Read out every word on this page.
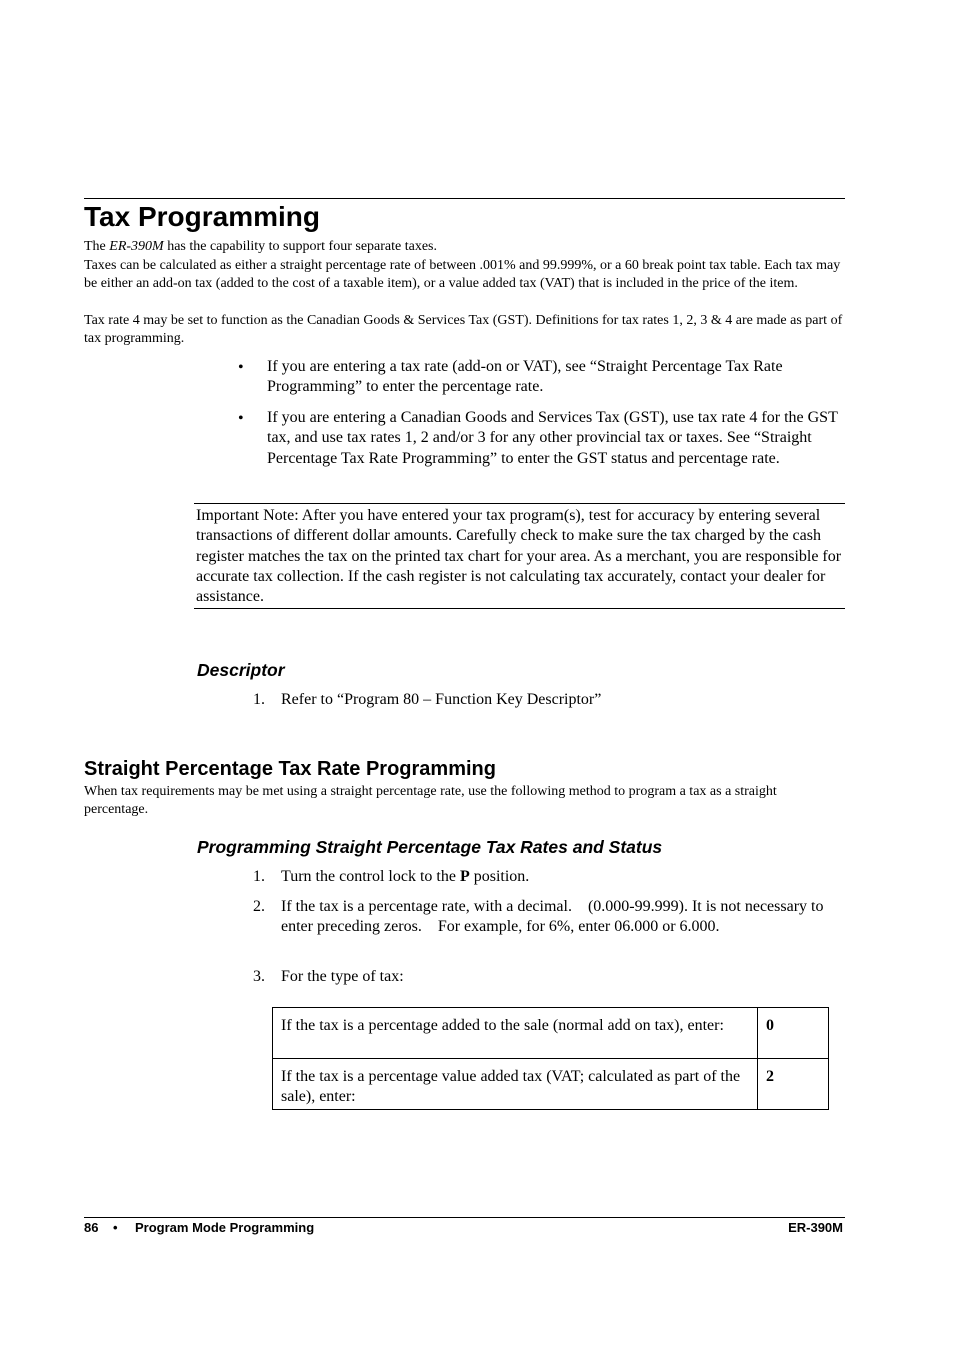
Tax Programming
The ER-390M has the capability to support four separate taxes.
Taxes can be calculated as either a straight percentage rate of between .001% and 99.999%, or a 60 break point tax table. Each tax may be either an add-on tax (added to the cost of a taxable item), or a value added tax (VAT) that is included in the price of the item.
Tax rate 4 may be set to function as the Canadian Goods & Services Tax (GST). Definitions for tax rates 1, 2, 3 & 4 are made as part of tax programming.
• If you are entering a tax rate (add-on or VAT), see “Straight Percentage Tax Rate Programming” to enter the percentage rate.
• If you are entering a Canadian Goods and Services Tax (GST), use tax rate 4 for the GST tax, and use tax rates 1, 2 and/or 3 for any other provincial tax or taxes. See “Straight Percentage Tax Rate Programming” to enter the GST status and percentage rate.
Important Note: After you have entered your tax program(s), test for accuracy by entering several transactions of different dollar amounts. Carefully check to make sure the tax charged by the cash register matches the tax on the printed tax chart for your area. As a merchant, you are responsible for accurate tax collection. If the cash register is not calculating tax accurately, contact your dealer for assistance.
Descriptor
1. Refer to “Program 80 – Function Key Descriptor”
Straight Percentage Tax Rate Programming
When tax requirements may be met using a straight percentage rate, use the following method to program a tax as a straight percentage.
Programming Straight Percentage Tax Rates and Status
1. Turn the control lock to the P position.
2. If the tax is a percentage rate, with a decimal.    (0.000-99.999). It is not necessary to enter preceding zeros.    For example, for 6%, enter 06.000 or 6.000.
3. For the type of tax:
If the tax is a percentage added to the sale (normal add on tax), enter:	0
If the tax is a percentage value added tax (VAT; calculated as part of the sale), enter:	2
86 • Program Mode Programming	ER-390M
